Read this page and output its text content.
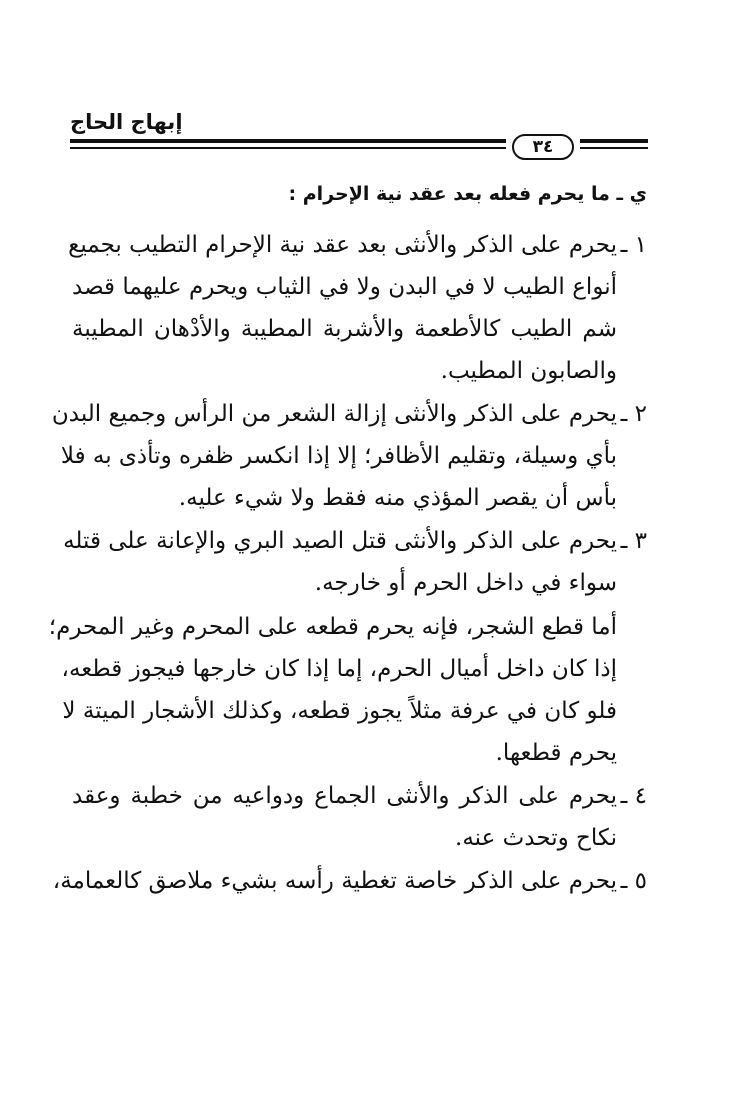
إبهاج الحاج
٣٤
ي ـ ما يحرم فعله بعد عقد نية الإحرام :
١ ـ
يحرم على الذكر والأنثى بعد عقد نية الإحرام التطيب بجميع
أنواع الطيب لا في البدن ولا في الثياب ويحرم عليهما قصد
شم الطيب كالأطعمة والأشربة المطيبة والأدْهان المطيبة
والصابون المطيب.
٢ ـ
يحرم على الذكر والأنثى إزالة الشعر من الرأس وجميع البدن
بأي وسيلة، وتقليم الأظافر؛ إلا إذا انكسر ظفره وتأذى به فلا
بأس أن يقصر المؤذي منه فقط ولا شيء عليه.
٣ ـ
يحرم على الذكر والأنثى قتل الصيد البري والإعانة على قتله
سواء في داخل الحرم أو خارجه.
أما قطع الشجر، فإنه يحرم قطعه على المحرم وغير المحرم؛
إذا كان داخل أميال الحرم، إما إذا كان خارجها فيجوز قطعه،
فلو كان في عرفة مثلاً يجوز قطعه، وكذلك الأشجار الميتة لا
يحرم قطعها.
٤ ـ
يحرم على الذكر والأنثى الجماع ودواعيه من خطبة وعقد
نكاح وتحدث عنه.
٥ ـ
يحرم على الذكر خاصة تغطية رأسه بشيء ملاصق كالعمامة،
